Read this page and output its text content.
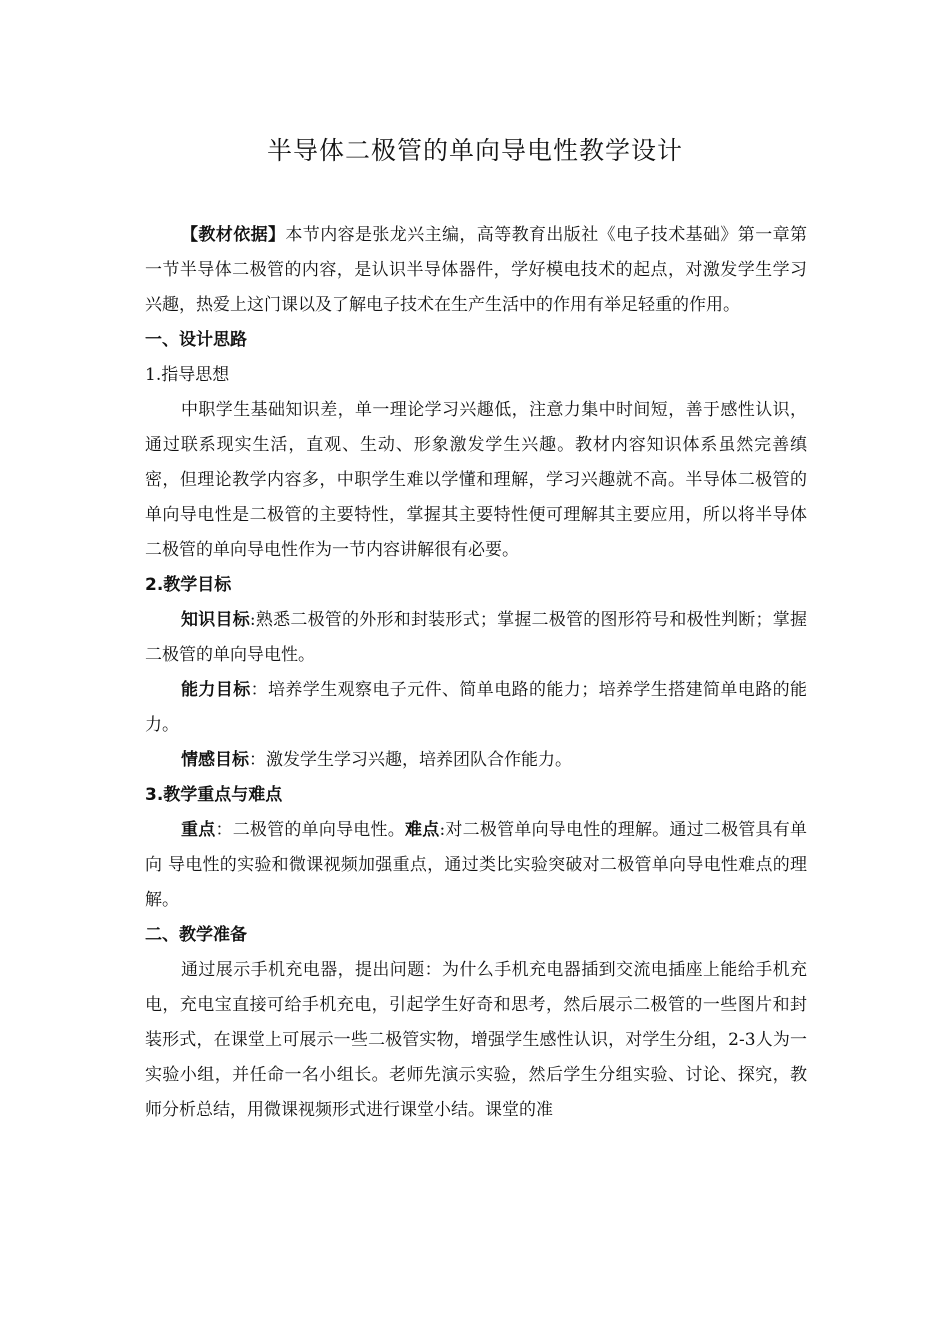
半导体二极管的单向导电性教学设计

【教材依据】本节内容是张龙兴主编，高等教育出版社《电子技术基础》第一章第一节半导体二极管的内容，是认识半导体器件，学好模电技术的起点，对激发学生学习兴趣，热爱上这门课以及了解电子技术在生产生活中的作用有举足轻重的作用。

一、设计思路

1.指导思想

中职学生基础知识差，单一理论学习兴趣低，注意力集中时间短，善于感性认识，通过联系现实生活，直观、生动、形象激发学生兴趣。教材内容知识体系虽然完善缜密，但理论教学内容多，中职学生难以学懂和理解，学习兴趣就不高。半导体二极管的单向导电性是二极管的主要特性，掌握其主要特性便可理解其主要应用，所以将半导体二极管的单向导电性作为一节内容讲解很有必要。

2.教学目标

知识目标:熟悉二极管的外形和封装形式；掌握二极管的图形符号和极性判断；掌握二极管的单向导电性。

能力目标：培养学生观察电子元件、简单电路的能力；培养学生搭建简单电路的能力。

情感目标：激发学生学习兴趣，培养团队合作能力。

3.教学重点与难点

重点：二极管的单向导电性。难点:对二极管单向导电性的理解。通过二极管具有单向 导电性的实验和微课视频加强重点，通过类比实验突破对二极管单向导电性难点的理解。

二、教学准备

通过展示手机充电器，提出问题：为什么手机充电器插到交流电插座上能给手机充电，充电宝直接可给手机充电，引起学生好奇和思考，然后展示二极管的一些图片和封装形式，在课堂上可展示一些二极管实物，增强学生感性认识，对学生分组，2-3人为一实验小组，并任命一名小组长。老师先演示实验，然后学生分组实验、讨论、探究，教师分析总结，用微课视频形式进行课堂小结。课堂的准
